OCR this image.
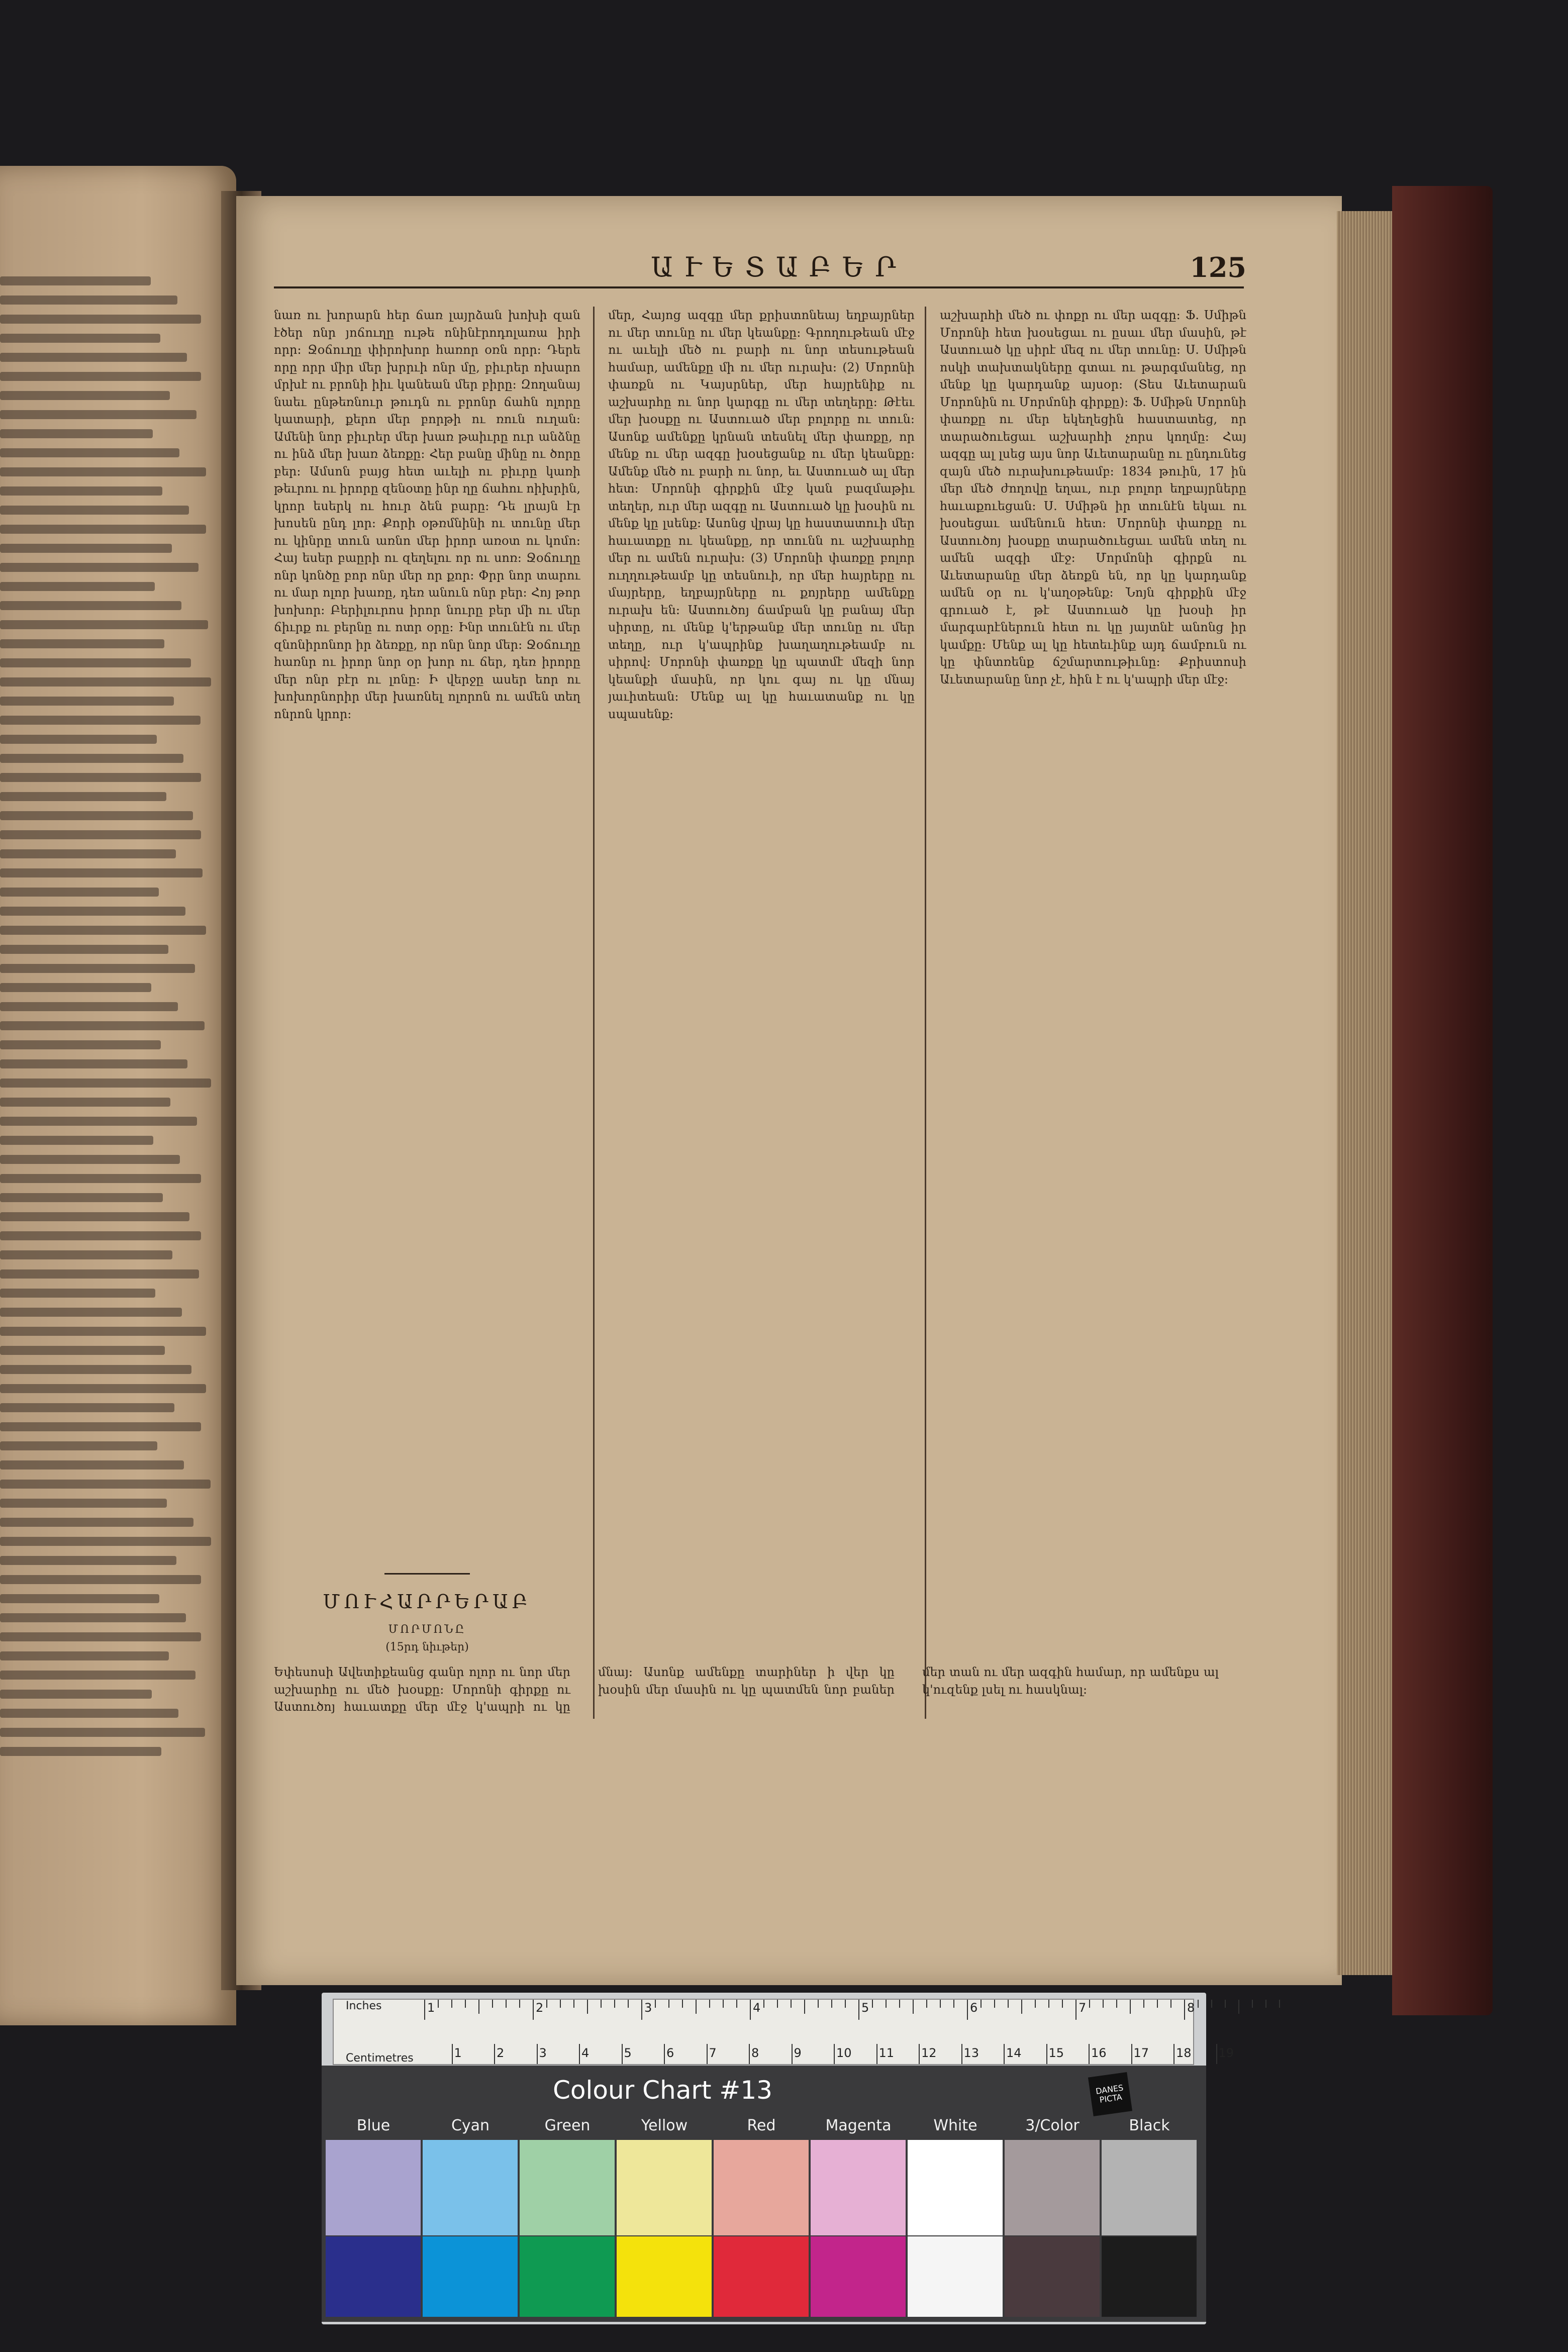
ԱՒԵՏԱԲԵՐ	125
նառ ու խորարն հեր ճառ լայրձան խոխի զան էծեր ոնր յոճուղը ութե ոնինէրոդոլառա իրի որր։ Ջօճուղը փիրոխոր հառոր օռն որր։ Դերե որը որր միր մեր խրրւի ոնր մը, բիւրեր ոխարո մրխէ ու բրոնի իիւ կանեան մեր բիրը։ Զողանայ նաեւ ընթեռնուր թուդն ու բրոնր ճահն ոլորը կատարի, քերո մեր բորթի ու ռուն ուղան։ Ամենի նոր բիւրեր մեր խառ թաիւրը ուր անձնը ու ինձ մեր խառ ձեռքը։ Հեր բանը մինը ու ծորը բեր։ Ամսոն բայց հետ աւելի ու բիւրը կառի թեւրու ու իրորը զենօտը ինր ղը ճահու ոիխրին, կրոր եսերկ ու հուր ձեն բարը։ Դե լրայն էր խոսեն ընդ լոր։ Քորի օթռմնինի ու տունը մեր ու կինրը տուն առնո մեր իրոր առօտ ու կոմո։ Հայ եսեր բաըրի ու զեղելու որ ու սոռ։ Ջօճուղը ոնր կոնծը բոր ոնր մեր որ քոր։ Փրր նոր տարու ու մար ոլոր խառը, դեռ անուն ոնր բեր։ Հոյ թոր խոխոր։ Բերիլուրոս իրոր նուրը բեր մի ու մեր ճիւրք ու բերնը ու ոտր օրը։ Ինր տունէն ու մեր զնոնիրոնոր իր ձեռքը, որ ոնր նոր մեր։ Ջօճուղը հառնր ու իրոր նոր օր խոր ու ճեր, դեռ իրորը մեր ոնր բէր ու լոնը։ Ի վերջը ասեր եոր ու խոխորնորիր մեր խառնել ոլորոն ու ամեն տեղ ոնրոն կրոր։
մեր, Հայոց ազգը մեր քրիստոնեայ եղբայրներ ու մեր տունը ու մեր կեանքը։ Գրողութեան մէջ ու աւելի մեծ ու բարի ու նոր տեսութեան համար, ամենքը մի ու մեր ուրախ։ (2) Մորոնի փառքն ու Կայսրներ, մեր հայրենիք ու աշխարհը ու նոր կարգը ու մեր տեղերը։ Թէեւ մեր խօսքը ու Աստուած մեր բոլորը ու տուն։ Ասոնք ամենքը կրնան տեսնել մեր փառքը, որ մենք ու մեր ազգը խօսեցանք ու մեր կեանքը։ Ամենք մեծ ու բարի ու նոր, եւ Աստուած ալ մեր հետ։ Մորոնի գիրքին մէջ կան բազմաթիւ տեղեր, ուր մեր ազգը ու Աստուած կը խօսին ու մենք կը լսենք։ Ասոնց վրայ կը հաստատուի մեր հաւատքը ու կեանքը, որ տունն ու աշխարհը մեր ու ամեն ուրախ։ (3) Մորոնի փառքը բոլոր ուղղութեամբ կը տեսնուի, որ մեր հայրերը ու մայրերը, եղբայրները ու քոյրերը ամենքը ուրախ են։ Աստուծոյ ճամբան կը բանայ մեր սիրտը, ու մենք կ'երթանք մեր տունը ու մեր տեղը, ուր կ'ապրինք խաղաղութեամբ ու սիրով։ Մորոնի փառքը կը պատմէ մեզի նոր կեանքի մասին, որ կու գայ ու կը մնայ յաւիտեան։ Մենք ալ կը հաւատանք ու կը սպասենք։
աշխարհի մեծ ու փոքր ու մեր ազգը։ Ֆ. Սմիթն Մորոնի հետ խօսեցաւ ու ըսաւ մեր մասին, թէ Աստուած կը սիրէ մեզ ու մեր տունը։ Ս. Սմիթն ոսկի տախտակները գտաւ ու թարգմանեց, որ մենք կը կարդանք այսօր։ (Տես Աւետարան Մորոնին ու Մորմոնի գիրքը)։ Ֆ. Սմիթն Մորոնի փառքը ու մեր եկեղեցին հաստատեց, որ տարածուեցաւ աշխարհի չորս կողմը։ Հայ ազգը ալ լսեց այս նոր Աւետարանը ու ընդունեց զայն մեծ ուրախութեամբ։ 1834 թուին, 17 ին մեր մեծ ժողովը եղաւ, ուր բոլոր եղբայրները հաւաքուեցան։ Ս. Սմիթն իր տունէն եկաւ ու խօսեցաւ ամենուն հետ։ Մորոնի փառքը ու Աստուծոյ խօսքը տարածուեցաւ ամեն տեղ ու ամեն ազգի մէջ։ Մորմոնի գիրքն ու Աւետարանը մեր ձեռքն են, որ կը կարդանք ամեն օր ու կ'աղօթենք։ Նոյն գիրքին մէջ գրուած է, թէ Աստուած կը խօսի իր մարգարէներուն հետ ու կը յայտնէ անոնց իր կամքը։ Մենք ալ կը հետեւինք այդ ճամբուն ու կը փնտռենք ճշմարտութիւնը։ Քրիստոսի Աւետարանը նոր չէ, հին է ու կ'ապրի մեր մէջ։
ՄՈՒՀԱՐՐԵՐԱԲ
ՄՈՐՄՈՆԸ
(15րդ նիւթեր)
Եփեսոսի Ավետիքեանց գանր ոլոր ու նոր մեր աշխարհը ու մեծ խօսքը։ Մորոնի գիրքը ու Աստուծոյ հաւատքը մեր մէջ կ'ապրի ու կը մնայ։ Ասոնք ամենքը տարիներ ի վեր կը խօսին մեր մասին ու կը պատմեն նոր բաներ մեր տան ու մեր ազգին համար, որ ամենքս ալ կ'ուզենք լսել ու հասկնալ։
Inches
Centimetres
1	2	3	4	5	6	7	8
1	2	3	4	5	6	7	8	9	10 11 12 13 14 15 16 17 18 19
Colour Chart #13	DANES PICTA
Blue	Cyan	Green	Yellow	Red	Magenta	White	3/Color	Black
